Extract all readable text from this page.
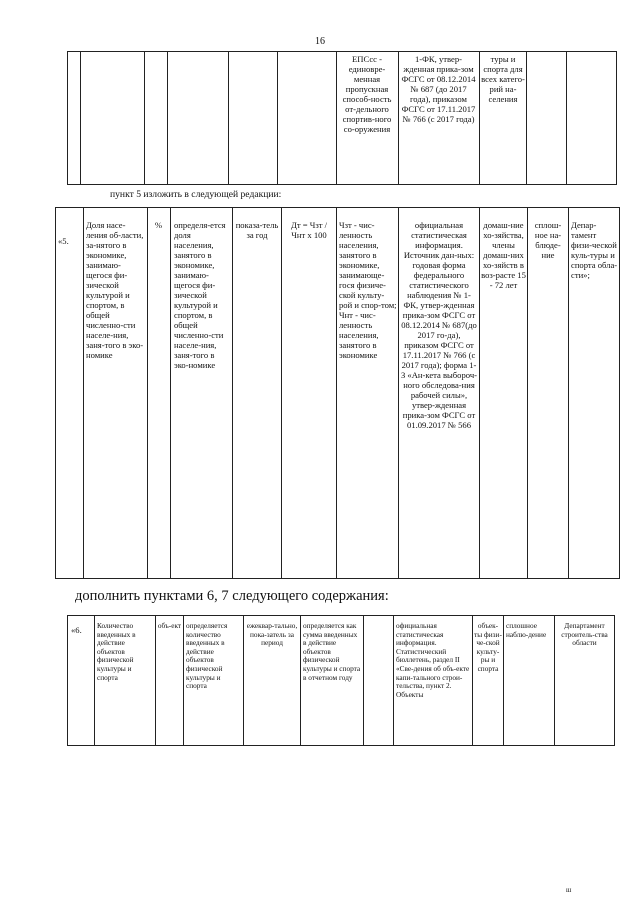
16
ЕПСсс - единовре-менная пропускная способ-ность от-дельного спортив-ного со-оружения
1-ФК, утвер-жденная прика-зом ФСГС от 08.12.2014 № 687 (до 2017 года), приказом ФСГС от 17.11.2017 № 766 (с 2017 года)
туры и спорта для всех катего-рий на-селения
пункт 5 изложить в следующей редакции:
«5.
Доля насе-ления об-ласти, за-нятого в экономике, занимаю-щегося фи-зической культурой и спортом, в общей численно-сти населе-ния, заня-того в эко-номике
%	определя-ется доля населения, занятого в экономике, занимаю-щегося фи-зической культурой и спортом, в общей численно-сти населе-ния, заня-того в эко-номике
показа-тель за год
Дт = Чзт / Чнт х 100
Чзт - чис-ленность населения, занятого в экономике, занимающе-гося физиче-ской культу-рой и спор-том; Чнт - чис-ленность населения, занятого в экономике
официальная статистическая информация. Источник дан-ных: годовая форма федерального статистического наблюдения № 1-ФК, утвер-жденная прика-зом ФСГС от 08.12.2014 № 687(до 2017 го-да), приказом ФСГС от 17.11.2017 № 766 (с 2017 года); форма 1-З «Ан-кета выбороч-ного обследова-ния рабочей силы», утвер-жденная прика-зом ФСГС от 01.09.2017 № 566
домаш-ние хо-зяйства, члены домаш-них хо-зяйств в воз-расте 15 - 72 лет
сплош-ное на-блюде-ние
Депар-тамент физи-ческой куль-туры и спорта обла-сти»;
дополнить пунктами 6, 7 следующего содержания:
«6.	Количество введенных в действие объектов физической культуры и спорта
объ-ект определяется количество введенных в действие объектов физической культуры и спорта
ежеквар-тально, пока-затель за период
определяется как сумма введенных в действие объектов физической культуры и спорта в отчетном году
официальная статистическая информация. Статистический бюллетень, раздел II «Све-дения об объ-екте капи-тального строи-тельства, пункт 2. Объекты
объек-ты физи-че-ской культу-ры и спорта
сплошное наблю-дение
Департамент строитель-ства области
ш
